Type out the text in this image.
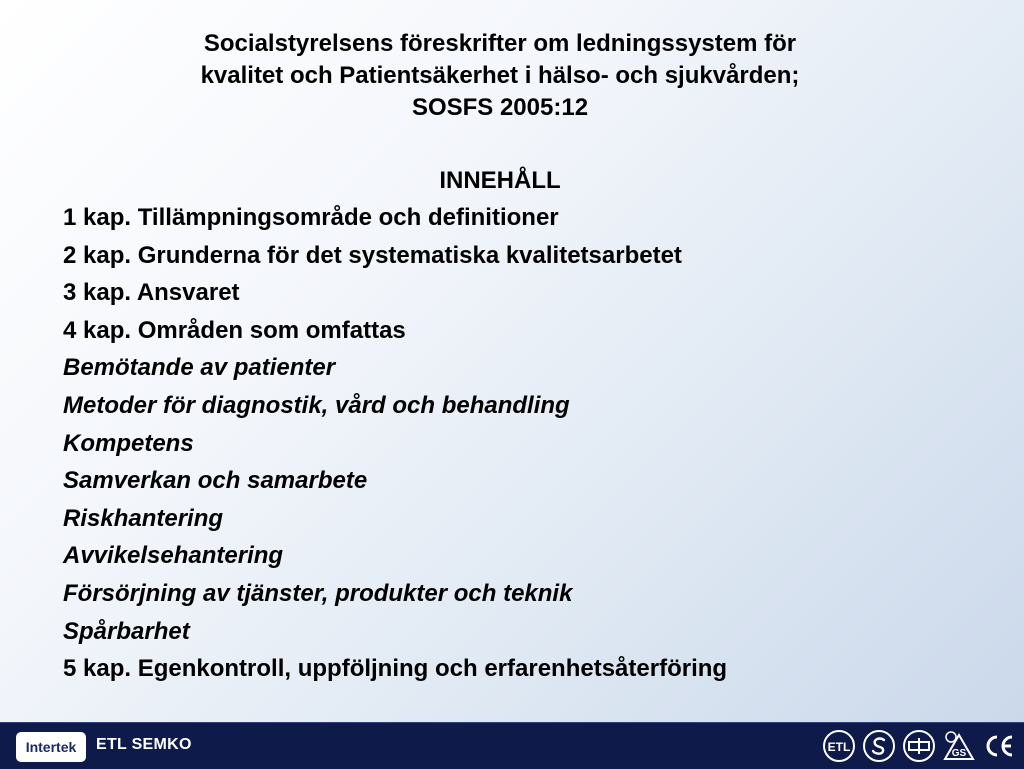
Socialstyrelsens föreskrifter om ledningssystem för
kvalitet och Patientsäkerhet i hälso- och sjukvården;
SOSFS 2005:12
INNEHÅLL
1 kap. Tillämpningsområde och definitioner
2 kap. Grunderna för det systematiska kvalitetsarbetet
3 kap. Ansvaret
4 kap. Områden som omfattas
Bemötande av patienter
Metoder för diagnostik, vård och behandling
Kompetens
Samverkan och samarbete
Riskhantering
Avvikelsehantering
Försörjning av tjänster, produkter och teknik
Spårbarhet
5 kap. Egenkontroll, uppföljning och erfarenhetsåterföring
Intertek	ETL SEMKO	ETL	GS
